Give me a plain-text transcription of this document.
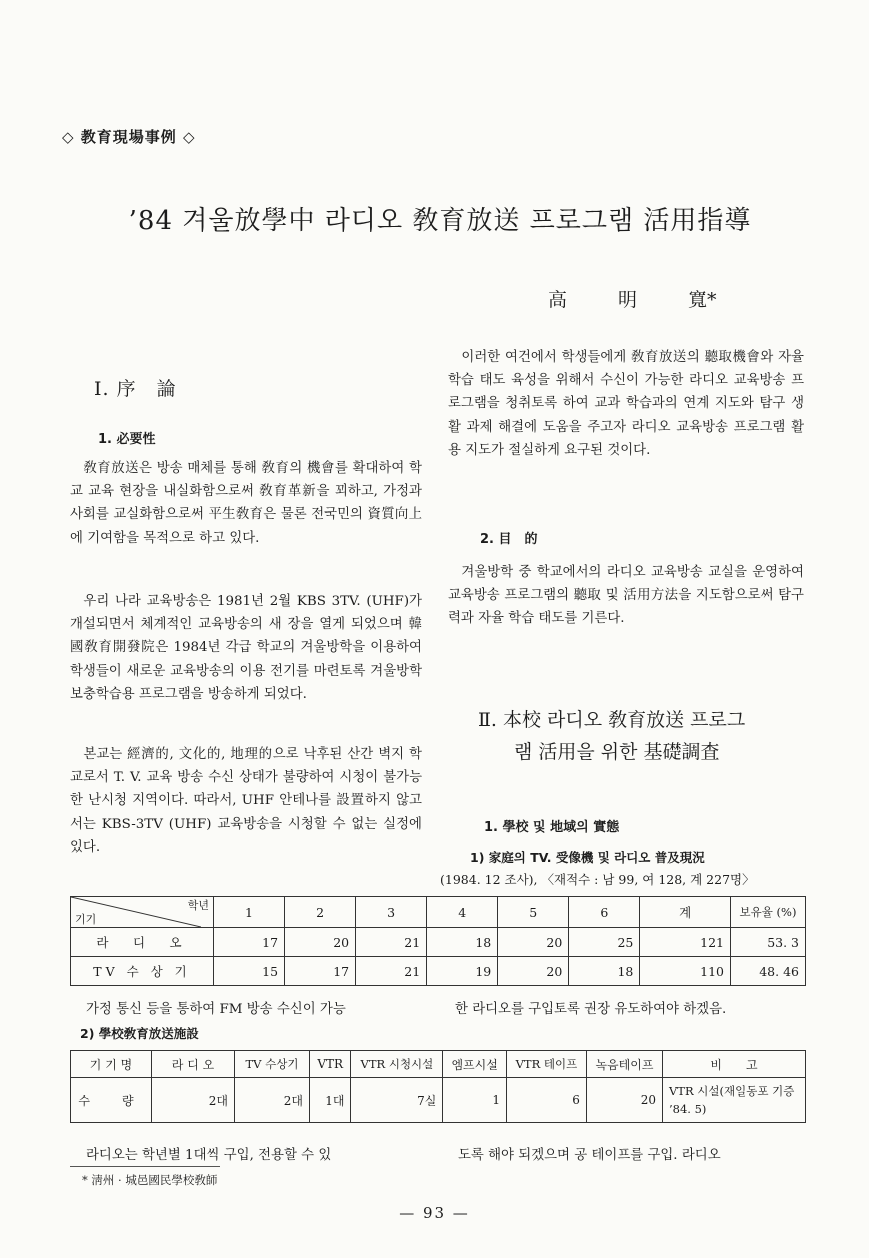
◇ 教育現場事例 ◇
’84 겨울放學中 라디오 敎育放送 프로그램 活用指導
高	明	寬*
Ⅰ. 序　論
1. 必要性
敎育放送은 방송 매체를 통해 敎育의 機會를 확대하여 학교 교육 현장을 내실화함으로써 敎育革新을 꾀하고, 가정과 사회를 교실화함으로써 平生敎育은 물론 전국민의 資質向上에 기여함을 목적으로 하고 있다.
우리 나라 교육방송은 1981년 2월 KBS 3TV. (UHF)가 개설되면서 체계적인 교육방송의 새 장을 열게 되었으며 韓國敎育開發院은 1984년 각급 학교의 겨울방학을 이용하여 학생들이 새로운 교육방송의 이용 전기를 마련토록 겨울방학 보충학습용 프로그램을 방송하게 되었다.
본교는 經濟的, 文化的, 地理的으로 낙후된 산간 벽지 학교로서 T. V. 교육 방송 수신 상태가 불량하여 시청이 불가능한 난시청 지역이다. 따라서, UHF 안테나를 設置하지 않고서는 KBS-3TV (UHF) 교육방송을 시청할 수 없는 실정에 있다.
이러한 여건에서 학생들에게 敎育放送의 聽取機會와 자율학습 태도 육성을 위해서 수신이 가능한 라디오 교육방송 프로그램을 청취토록 하여 교과 학습과의 연계 지도와 탐구 생활 과제 해결에 도움을 주고자 라디오 교육방송 프로그램 활용 지도가 절실하게 요구된 것이다.
2. 目　的
겨울방학 중 학교에서의 라디오 교육방송 교실을 운영하여 교육방송 프로그램의 聽取 및 活用方法을 지도함으로써 탐구력과 자율 학습 태도를 기른다.
Ⅱ. 本校 라디오 敎育放送 프로그
램 活用을 위한 基礎調査
1. 學校 및 地域의 實態
1) 家庭의 TV. 受像機 및 라디오 普及現況
(1984. 12 조사), 〈재적수 : 남 99, 여 128, 계 227명〉
학년
기기	1	2	3	4	5	6	계	보유율 (%)
라　디　오	17	20	21	18	20	25	121	53. 3
TV 수 상 기	15	17	21	19	20	18	110	48. 46
가정 통신 등을 통하여 FM 방송 수신이 가능	한 라디오를 구입토록 권장 유도하여야 하겠음.
2) 學校敎育放送施設
기 기 명	라 디 오	TV 수상기	VTR	VTR 시청시설	엠프시설	VTR 테이프	녹음테이프	비　　고
수　량	2대	2대	1대	7실	1	6	20	VTR 시설(재일동포 기증 ’84. 5)
라디오는 학년별 1대씩 구입, 전용할 수 있	도록 해야 되겠으며 공 테이프를 구입. 라디오
* 淸州 · 城邑國民學校敎師
— 93 —
